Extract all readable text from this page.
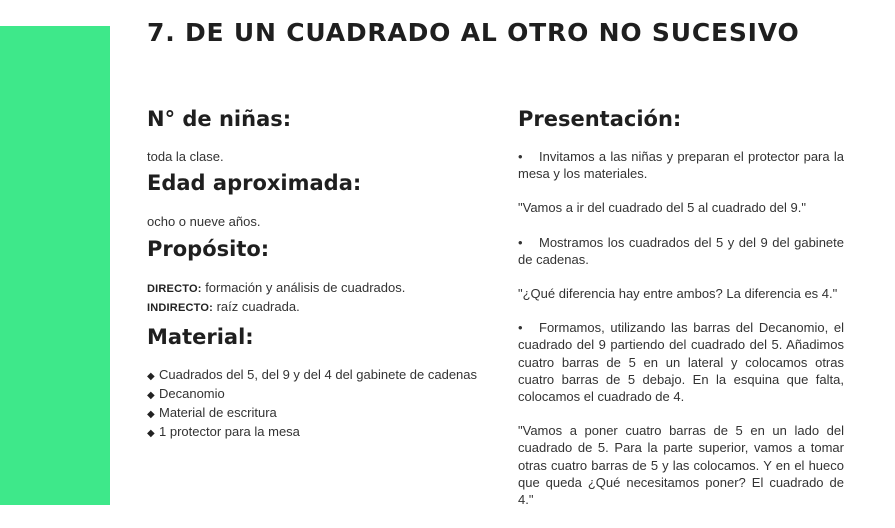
7. DE UN CUADRADO AL OTRO NO SUCESIVO
N° de niñas:

toda la clase.

Edad aproximada:

ocho o nueve años.

Propósito:

DIRECTO: formación y análisis de cuadrados.

INDIRECTO: raíz cuadrada.

Material:
◆ Cuadrados del 5, del 9 y del 4 del gabinete de cadenas
◆ Decanomio
◆ Material de escritura
◆ 1 protector para la mesa
Presentación:

• Invitamos a las niñas y preparan el protector para la mesa y los materiales.

"Vamos a ir del cuadrado del 5 al cuadrado del 9."

• Mostramos los cuadrados del 5 y del 9 del gabinete de cadenas.

"¿Qué diferencia hay entre ambos? La diferencia es 4."

• Formamos, utilizando las barras del Decanomio, el cuadrado del 9 partiendo del cuadrado del 5. Añadimos cuatro barras de 5 en un lateral y colocamos otras cuatro barras de 5 debajo. En la esquina que falta, colocamos el cuadrado de 4.

"Vamos a poner cuatro barras de 5 en un lado del cuadrado de 5. Para la parte superior, vamos a tomar otras cuatro barras de 5 y las colocamos. Y en el hueco que queda ¿Qué necesitamos poner? El cuadrado de 4."
